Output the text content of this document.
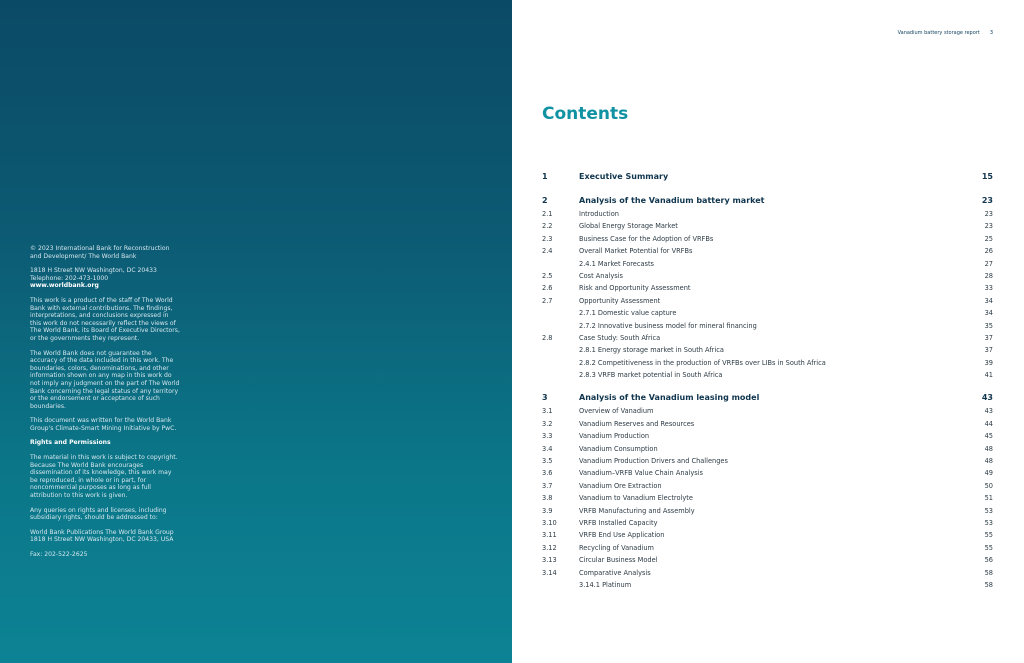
© 2023 International Bank for Reconstruction and Development/ The World Bank

1818 H Street NW Washington, DC 20433 Telephone: 202-473-1000
www.worldbank.org

This work is a product of the staff of The World Bank with external contributions. The findings, interpretations, and conclusions expressed in this work do not necessarily reflect the views of The World Bank, its Board of Executive Directors, or the governments they represent.

The World Bank does not guarantee the accuracy of the data included in this work. The boundaries, colors, denominations, and other information shown on any map in this work do not imply any judgment on the part of The World Bank concerning the legal status of any territory or the endorsement or acceptance of such boundaries.

This document was written for the World Bank Group's Climate-Smart Mining Initiative by PwC.

Rights and Permissions

The material in this work is subject to copyright. Because The World Bank encourages dissemination of its knowledge, this work may be reproduced, in whole or in part, for noncommercial purposes as long as full attribution to this work is given.

Any queries on rights and licenses, including subsidiary rights, should be addressed to:

World Bank Publications The World Bank Group 1818 H Street NW Washington, DC 20433, USA

Fax: 202-522-2625

Vanadium battery storage report 3
Contents
1	Executive Summary	15
2	Analysis of the Vanadium battery market	23
2.1	Introduction	23
2.2	Global Energy Storage Market	23
2.3	Business Case for the Adoption of VRFBs	25
2.4	Overall Market Potential for VRFBs	26
2.4.1 Market Forecasts	27
2.5	Cost Analysis	28
2.6	Risk and Opportunity Assessment	33
2.7	Opportunity Assessment	34
2.7.1 Domestic value capture	34
2.7.2 Innovative business model for mineral financing	35
2.8	Case Study: South Africa	37
2.8.1 Energy storage market in South Africa	37
2.8.2 Competitiveness in the production of VRFBs over LIBs in South Africa	39
2.8.3 VRFB market potential in South Africa	41
3	Analysis of the Vanadium leasing model	43
3.1	Overview of Vanadium	43
3.2	Vanadium Reserves and Resources	44
3.3	Vanadium Production	45
3.4	Vanadium Consumption	48
3.5	Vanadium Production Drivers and Challenges	48
3.6	Vanadium–VRFB Value Chain Analysis	49
3.7	Vanadium Ore Extraction	50
3.8	Vanadium to Vanadium Electrolyte	51
3.9	VRFB Manufacturing and Assembly	53
3.10	VRFB Installed Capacity	53
3.11	VRFB End Use Application	55
3.12	Recycling of Vanadium	55
3.13	Circular Business Model	56
3.14	Comparative Analysis	58
3.14.1 Platinum	58
